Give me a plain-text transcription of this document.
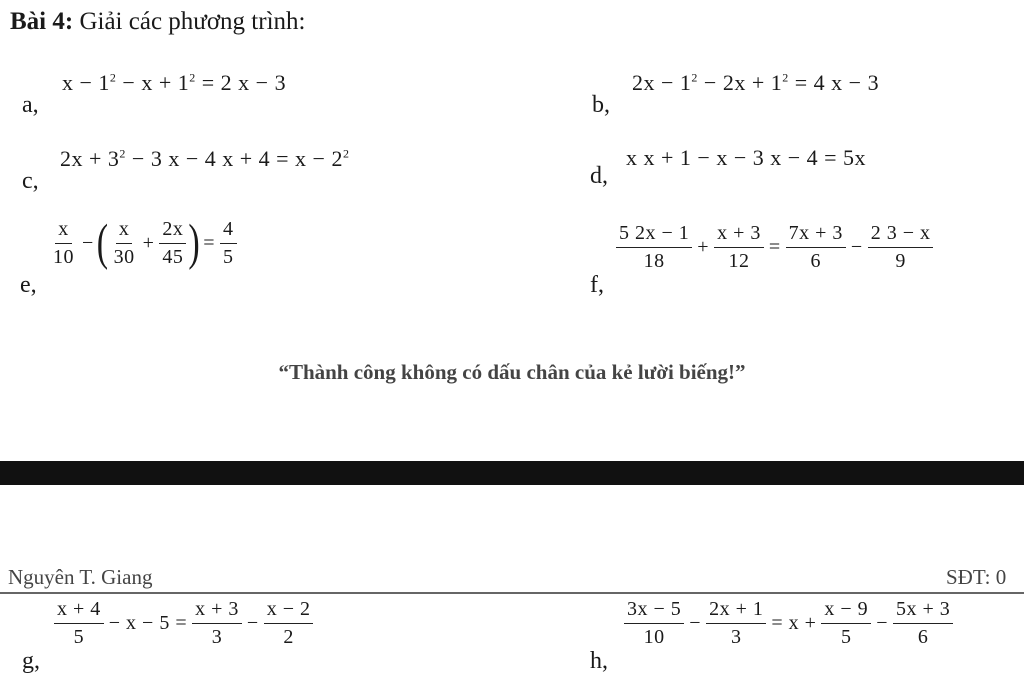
Bài 4: Giải các phương trình:
a,
$x - 1^2 - x + 1^2 = 2$ x − 3
b,
$2x - 1^2 - 2x + 1^2 = 4$ x − 3
c,
$2x + 3^2 - 3$ x − 4 $x + 4 = x - 2^2$
d,
x x + 1 − x − 3 x − 4 = 5x
e,
$\frac{x}{10}$ − ( $\frac{x}{30} + \frac{2x}{45}$ ) = $\frac{4}{5}$
f,
$\frac{5 2x - 1}{18} + \frac{x + 3}{12} = \frac{7x + 3}{6} - \frac{2 3 - x}{9}$
“Thành công không có dấu chân của kẻ lười biếng!”
Nguyên T. Giang	SĐT: 0
g,
$\frac{x + 4}{5} - x - 5 = \frac{x + 3}{3} - \frac{x - 2}{2}$
h,
$\frac{3x - 5}{10} - \frac{2x + 1}{3} = x + \frac{x - 9}{5} - \frac{5x + 3}{6}$
